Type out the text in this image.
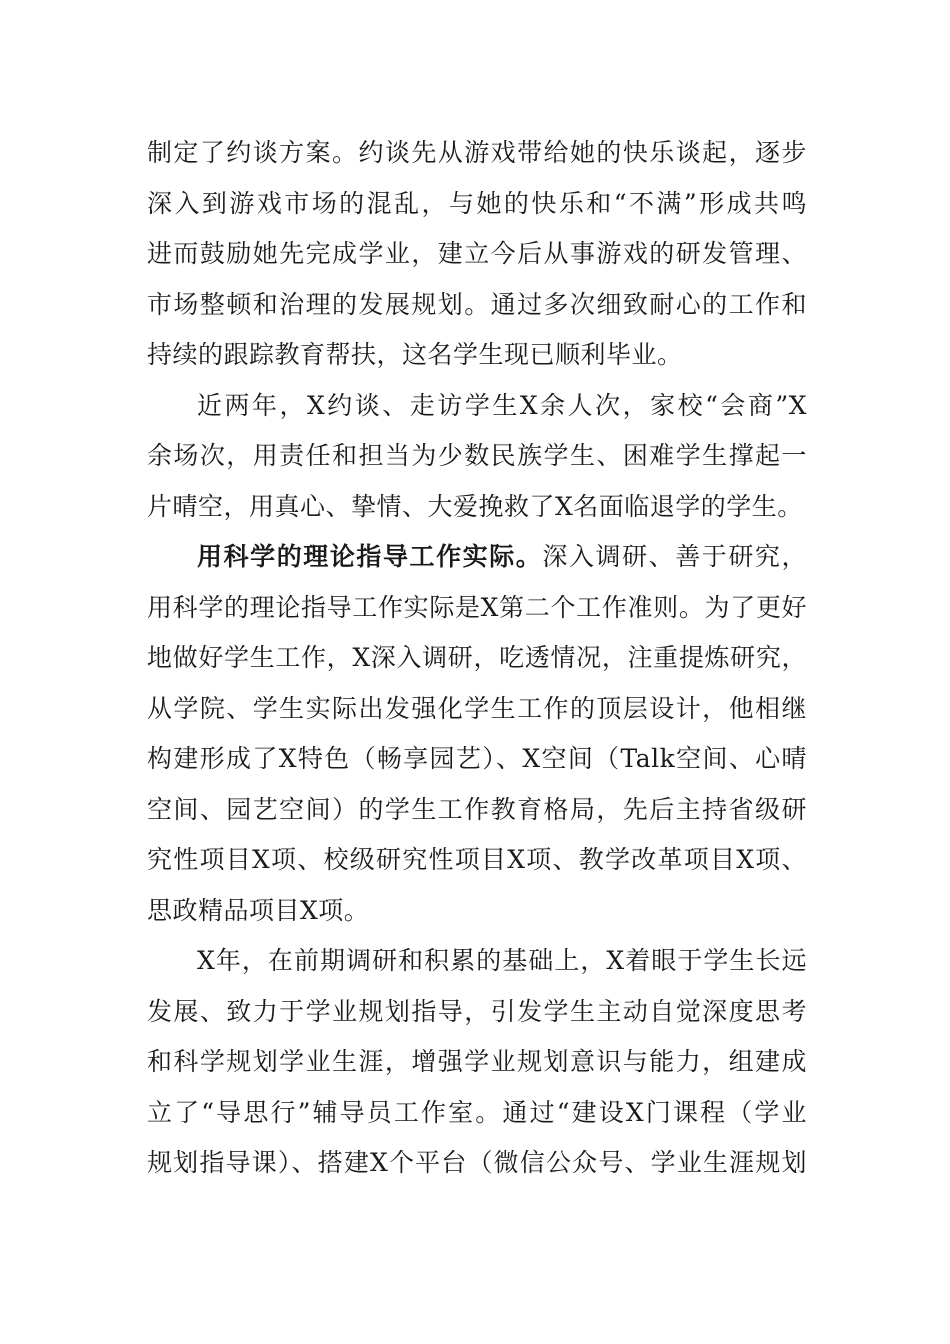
制定了约谈方案。约谈先从游戏带给她的快乐谈起，逐步
深入到游戏市场的混乱，与她的快乐和“不满”形成共鸣
进而鼓励她先完成学业，建立今后从事游戏的研发管理、
市场整顿和治理的发展规划。通过多次细致耐心的工作和
持续的跟踪教育帮扶，这名学生现已顺利毕业。
近两年，X约谈、走访学生X余人次，家校“会商”X
余场次，用责任和担当为少数民族学生、困难学生撑起一
片晴空，用真心、挚情、大爱挽救了X名面临退学的学生。
用科学的理论指导工作实际。深入调研、善于研究，
用科学的理论指导工作实际是X第二个工作准则。为了更好
地做好学生工作，X深入调研，吃透情况，注重提炼研究，
从学院、学生实际出发强化学生工作的顶层设计，他相继
构建形成了X特色（畅享园艺）、X空间（Talk空间、心晴
空间、园艺空间）的学生工作教育格局，先后主持省级研
究性项目X项、校级研究性项目X项、教学改革项目X项、
思政精品项目X项。
X年，在前期调研和积累的基础上，X着眼于学生长远
发展、致力于学业规划指导，引发学生主动自觉深度思考
和科学规划学业生涯，增强学业规划意识与能力，组建成
立了“导思行”辅导员工作室。通过“建设X门课程（学业
规划指导课）、搭建X个平台（微信公众号、学业生涯规划
